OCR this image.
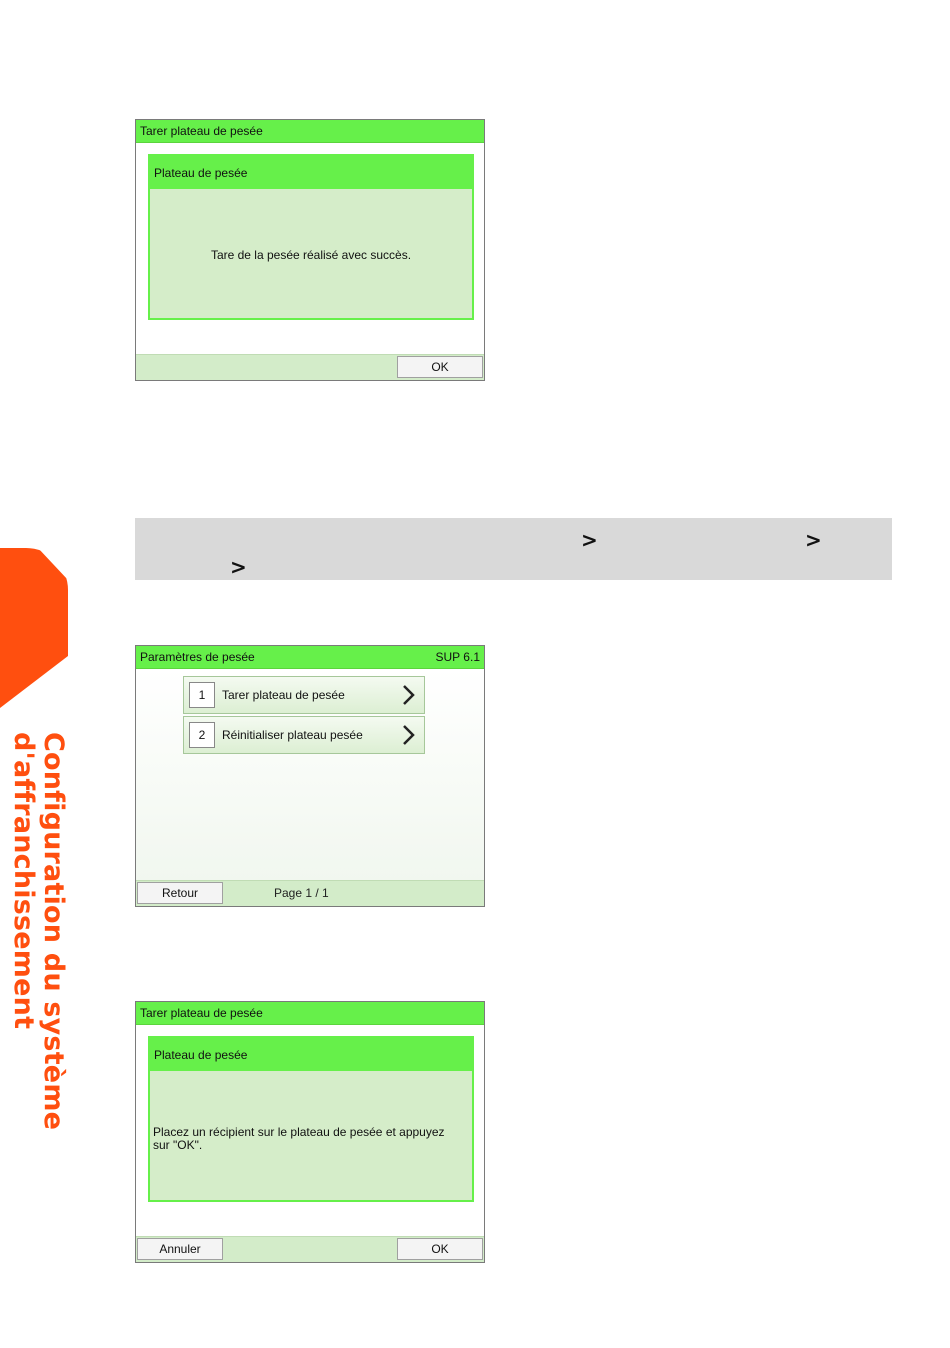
Configuration du système
d'affranchissement
Tarer plateau de pesée
Plateau de pesée
Tare de la pesée réalisé avec succès.
OK
>	>
>
Paramètres de pesée	SUP 6.1
1	Tarer plateau de pesée
2	Réinitialiser plateau pesée
Retour	Page 1 / 1
Tarer plateau de pesée
Plateau de pesée
Placez un récipient sur le plateau de pesée et appuyez sur "OK".
Annuler	OK
